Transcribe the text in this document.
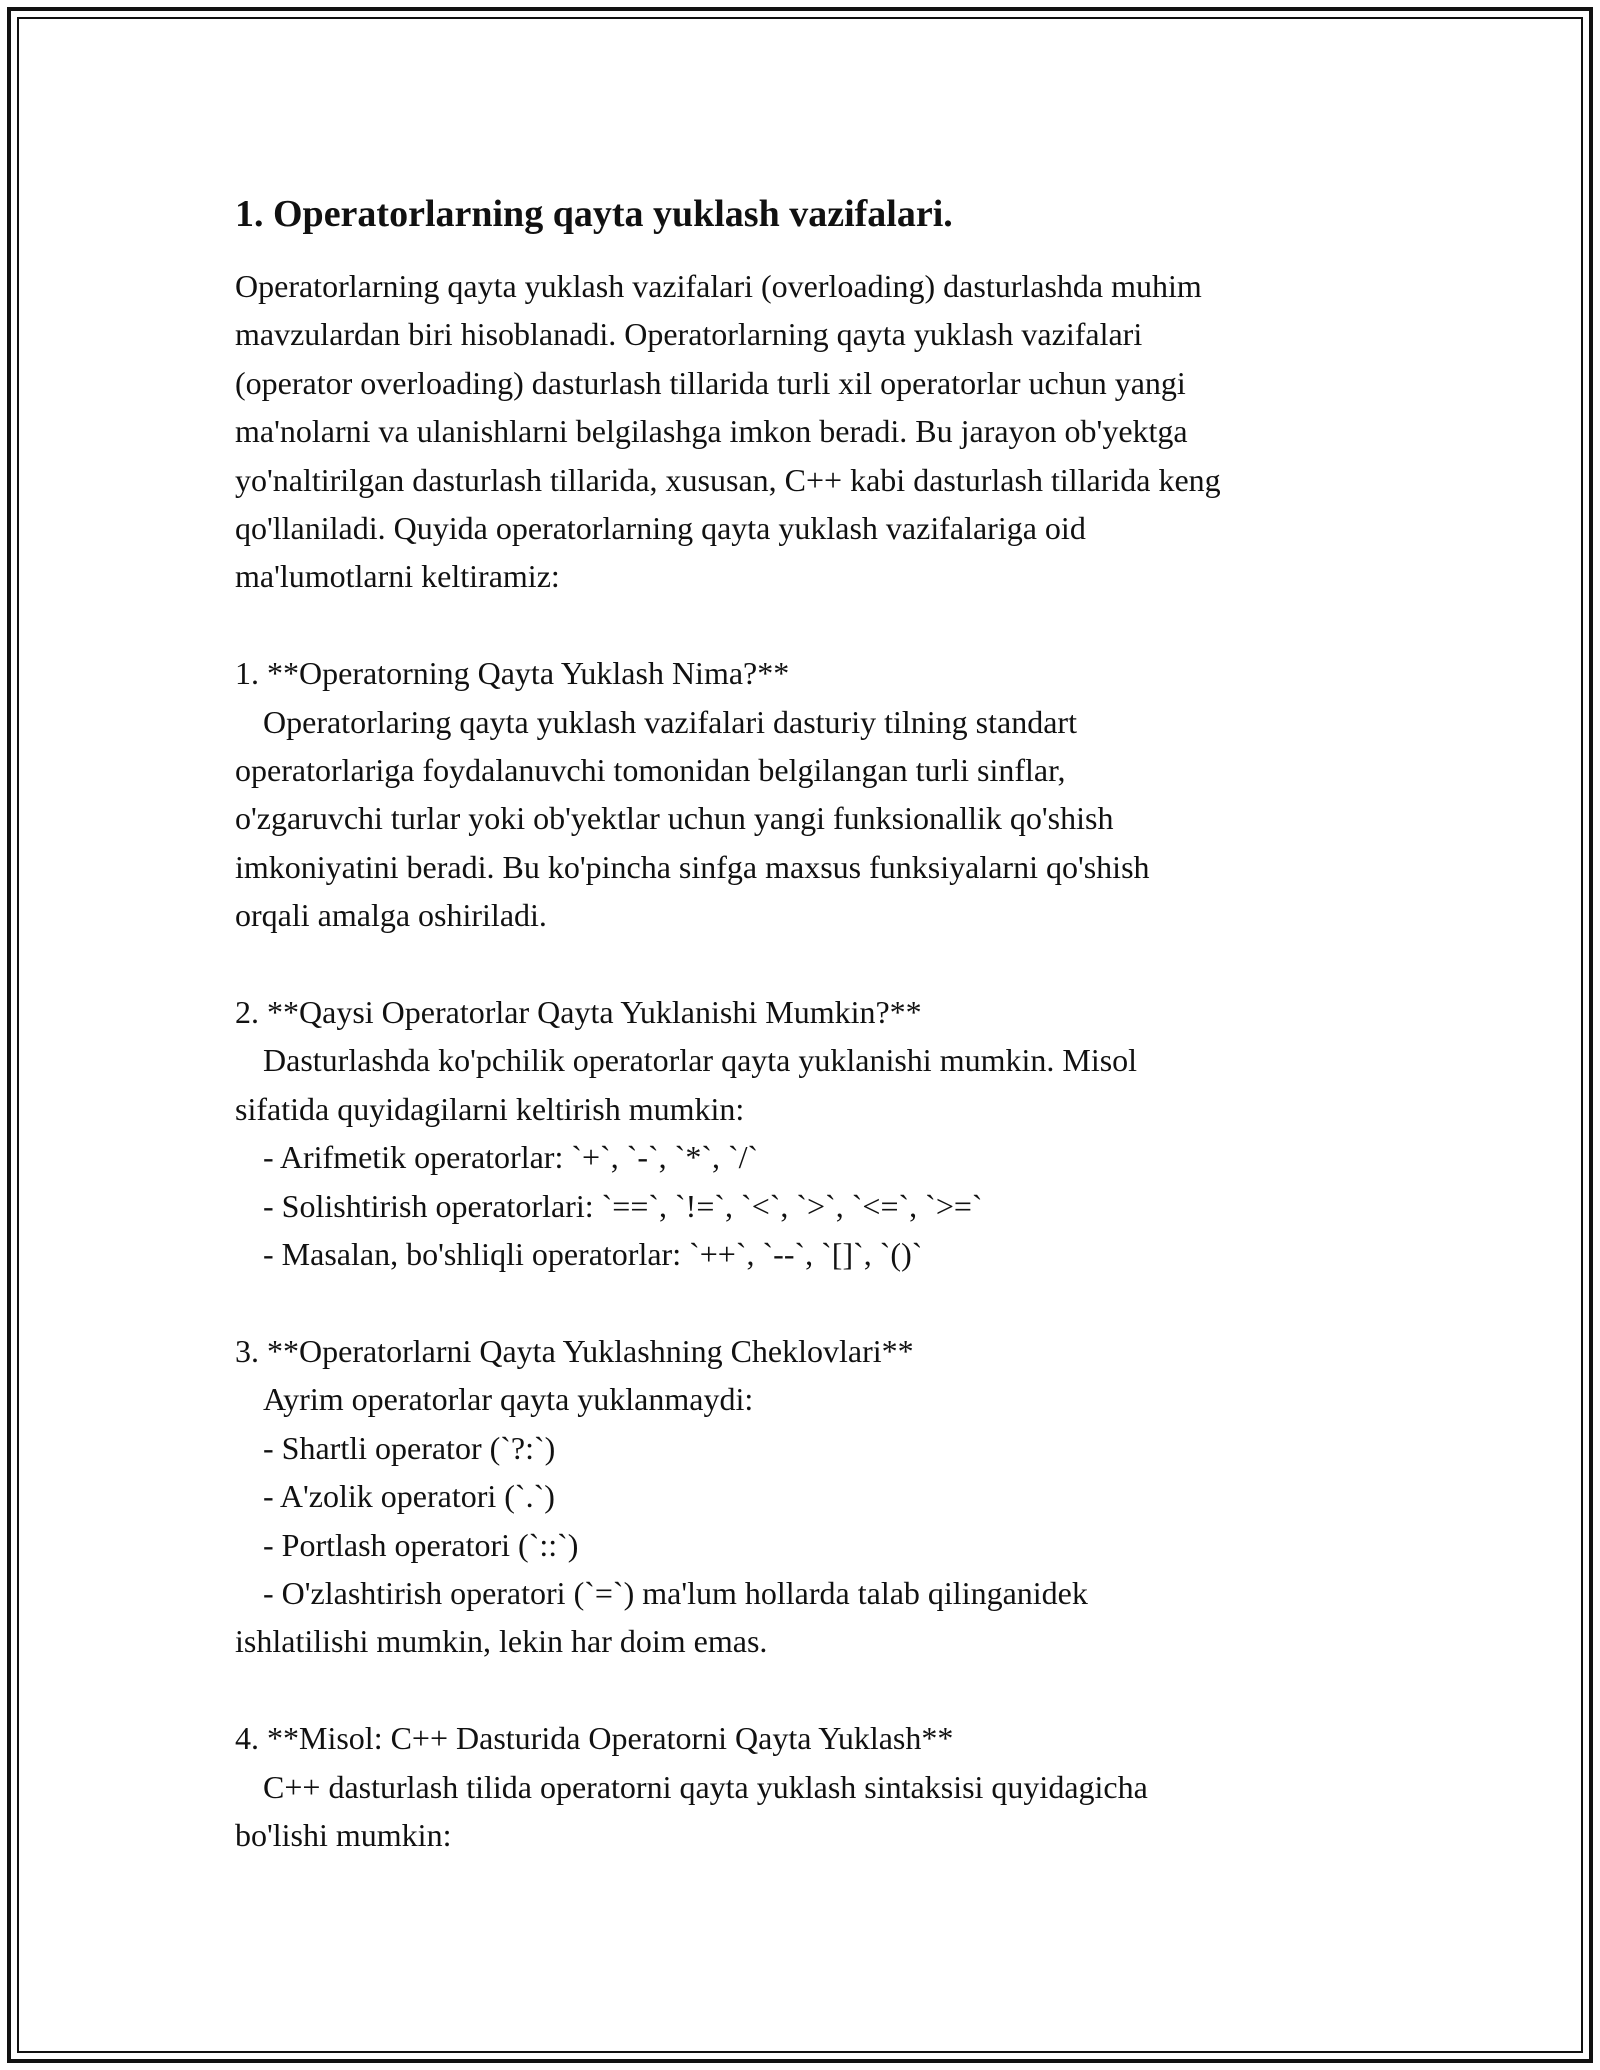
1. Operatorlarning qayta yuklash vazifalari.
Operatorlarning qayta yuklash vazifalari (overloading) dasturlashda muhim
mavzulardan biri hisoblanadi. Operatorlarning qayta yuklash vazifalari
(operator overloading) dasturlash tillarida turli xil operatorlar uchun yangi
ma'nolarni va ulanishlarni belgilashga imkon beradi. Bu jarayon ob'yektga
yo'naltirilgan dasturlash tillarida, xususan, C++ kabi dasturlash tillarida keng
qo'llaniladi. Quyida operatorlarning qayta yuklash vazifalariga oid
ma'lumotlarni keltiramiz:
1. **Operatorning Qayta Yuklash Nima?**
Operatorlaring qayta yuklash vazifalari dasturiy tilning standart
operatorlariga foydalanuvchi tomonidan belgilangan turli sinflar,
o'zgaruvchi turlar yoki ob'yektlar uchun yangi funksionallik qo'shish
imkoniyatini beradi. Bu ko'pincha sinfga maxsus funksiyalarni qo'shish
orqali amalga oshiriladi.
2. **Qaysi Operatorlar Qayta Yuklanishi Mumkin?**
Dasturlashda ko'pchilik operatorlar qayta yuklanishi mumkin. Misol
sifatida quyidagilarni keltirish mumkin:
- Arifmetik operatorlar: `+`, `-`, `*`, `/`
- Solishtirish operatorlari: `==`, `!=`, `<`, `>`, `<=`, `>=`
- Masalan, bo'shliqli operatorlar: `++`, `--`, `[]`, `()`
3. **Operatorlarni Qayta Yuklashning Cheklovlari**
Ayrim operatorlar qayta yuklanmaydi:
- Shartli operator (`?:`)
- A'zolik operatori (`.`)
- Portlash operatori (`::`)
- O'zlashtirish operatori (`=`) ma'lum hollarda talab qilinganidek
ishlatilishi mumkin, lekin har doim emas.
4. **Misol: C++ Dasturida Operatorni Qayta Yuklash**
C++ dasturlash tilida operatorni qayta yuklash sintaksisi quyidagicha
bo'lishi mumkin:
